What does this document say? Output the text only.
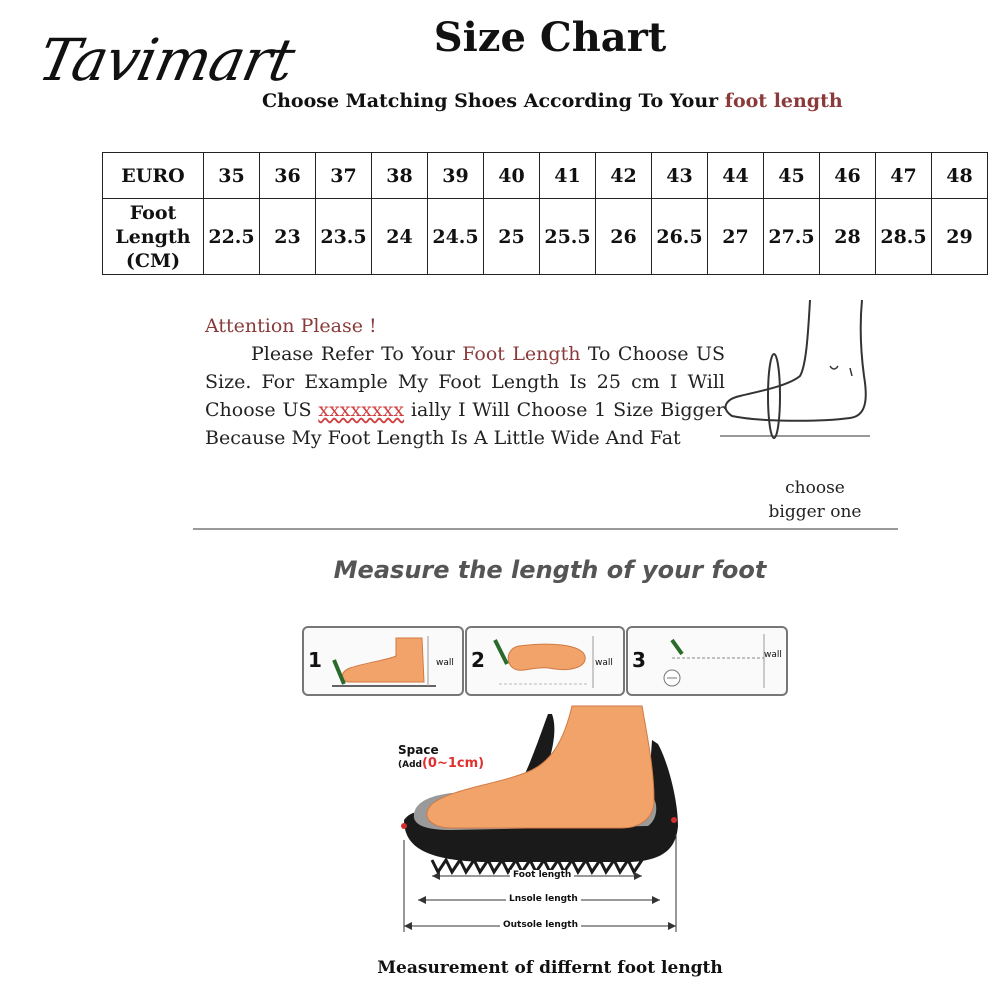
Tavimart	Size Chart
Choose Matching Shoes According To Your foot length
EURO	35	36	37	38	39	40	41	42	43	44	45	46	47	48

Foot
Length
(CM)	22.5	23	23.5	24	24.5	25	25.5	26	26.5	27	27.5	28	28.5	29
Attention Please !
Please Refer To Your Foot Length To Choose US Size. For Example My Foot Length Is 25 cm I Will Choose US xxxxxxxx ially I Will Choose 1 Size Bigger Because My Foot Length Is A Little Wide And Fat
choose
bigger one
Measure the length of your foot
1	wall 2	wall 3	wall
Space
(Add(0~1cm)
Foot length
Lnsole length
Outsole length
Measurement of differnt foot length
